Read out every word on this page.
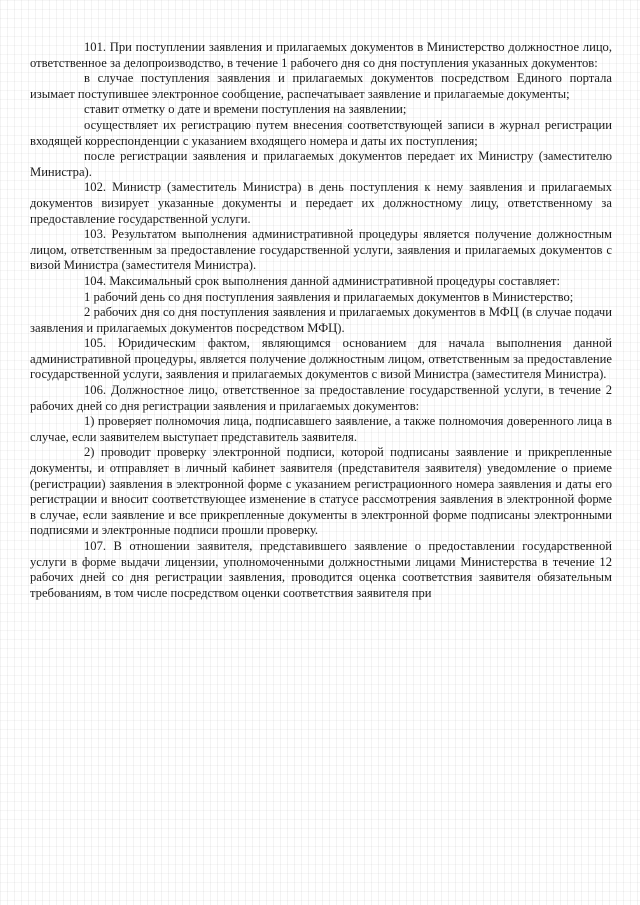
101. При поступлении заявления и прилагаемых документов в Министерство должностное лицо, ответственное за делопроизводство, в течение 1 рабочего дня со дня поступления указанных документов:

в случае поступления заявления и прилагаемых документов посредством Единого портала изымает поступившее электронное сообщение, распечатывает заявление и прилагаемые документы;

ставит отметку о дате и времени поступления на заявлении;

осуществляет их регистрацию путем внесения соответствующей записи в журнал регистрации входящей корреспонденции с указанием входящего номера и даты их поступления;

после регистрации заявления и прилагаемых документов передает их Министру (заместителю Министра).

102. Министр (заместитель Министра) в день поступления к нему заявления и прилагаемых документов визирует указанные документы и передает их должностному лицу, ответственному за предоставление государственной услуги.

103. Результатом выполнения административной процедуры является получение должностным лицом, ответственным за предоставление государственной услуги, заявления и прилагаемых документов с визой Министра (заместителя Министра).

104. Максимальный срок выполнения данной административной процедуры составляет:

1 рабочий день со дня поступления заявления и прилагаемых документов в Министерство;

2 рабочих дня со дня поступления заявления и прилагаемых документов в МФЦ (в случае подачи заявления и прилагаемых документов посредством МФЦ).

105. Юридическим фактом, являющимся основанием для начала выполнения данной административной процедуры, является получение должностным лицом, ответственным за предоставление государственной услуги, заявления и прилагаемых документов с визой Министра (заместителя Министра).

106. Должностное лицо, ответственное за предоставление государственной услуги, в течение 2 рабочих дней со дня регистрации заявления и прилагаемых документов:

1) проверяет полномочия лица, подписавшего заявление, а также полномочия доверенного лица в случае, если заявителем выступает представитель заявителя.

2) проводит проверку электронной подписи, которой подписаны заявление и прикрепленные документы, и отправляет в личный кабинет заявителя (представителя заявителя) уведомление о приеме (регистрации) заявления в электронной форме с указанием регистрационного номера заявления и даты его регистрации и вносит соответствующее изменение в статусе рассмотрения заявления в электронной форме в случае, если заявление и все прикрепленные документы в электронной форме подписаны электронными подписями и электронные подписи прошли проверку.

107. В отношении заявителя, представившего заявление о предоставлении государственной услуги в форме выдачи лицензии, уполномоченными должностными лицами Министерства в течение 12 рабочих дней со дня регистрации заявления, проводится оценка соответствия заявителя обязательным требованиям, в том числе посредством оценки соответствия заявителя при
